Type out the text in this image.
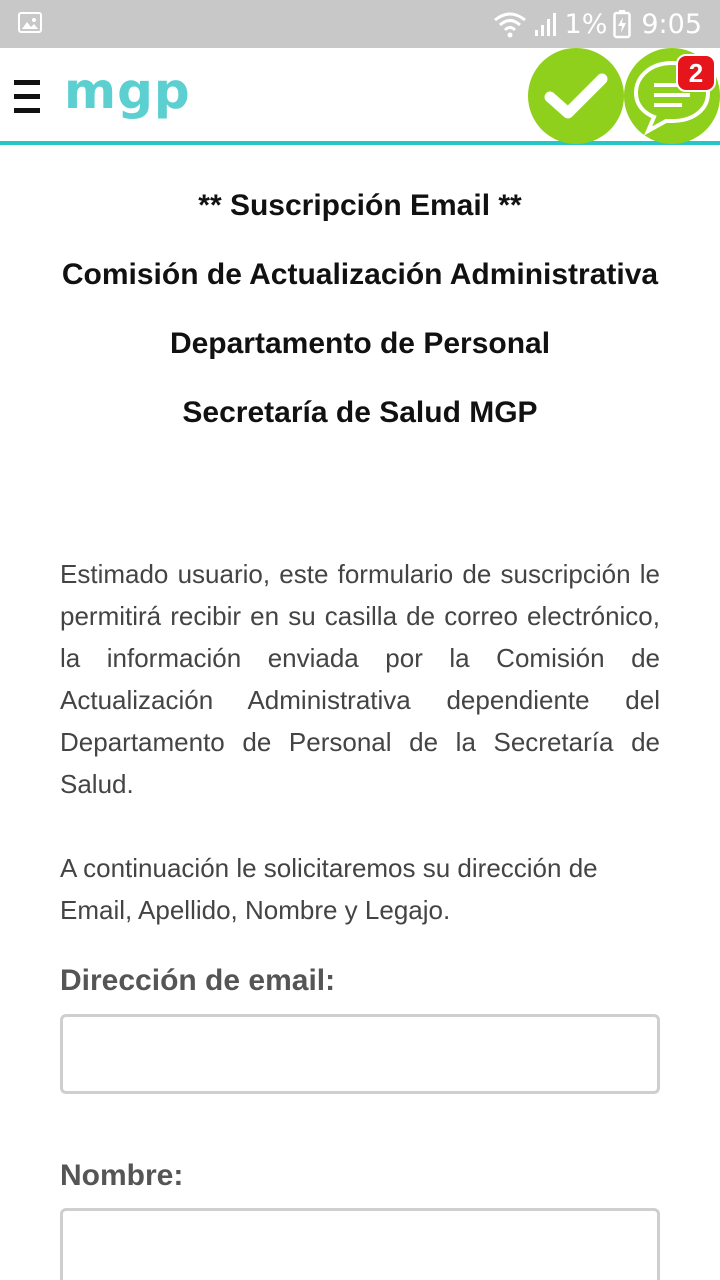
1% 9:05
mgp	2
** Suscripción Email **
Comisión de Actualización Administrativa
Departamento de Personal
Secretaría de Salud MGP

Estimado usuario, este formulario de suscripción le permitirá recibir en su casilla de correo electrónico, la información enviada por la Comisión de Actualización Administrativa dependiente del Departamento de Personal de la Secretaría de Salud.

A continuación le solicitaremos su dirección de Email, Apellido, Nombre y Legajo.

Dirección de email:
Nombre:
